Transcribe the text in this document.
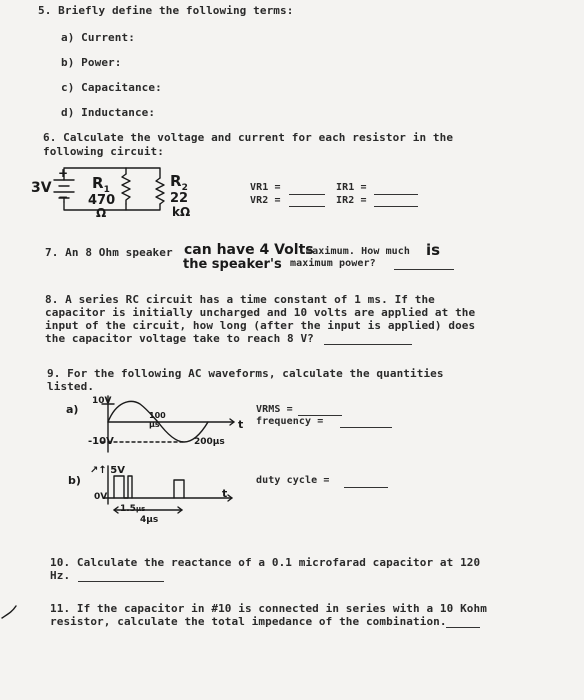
5. Briefly define the following terms:
a) Current:
b) Power:
c) Capacitance:
d) Inductance:
6. Calculate the voltage and current for each resistor in the
following circuit:
3V
+
−
$R_1$
470
Ω
$R_2$
22
kΩ
VR1 =
VR2 =
IR1 =
IR2 =
7. An 8 Ohm speaker can have 4 Volts
maximum. How much is
the speaker's maximum power?
8. A series RC circuit has a time constant of 1 ms. If the
capacitor is initially uncharged and 10 volts are applied at the
input of the circuit, how long (after the input is applied) does
the capacitor voltage take to reach 8 V?
9. For the following AC waveforms, calculate the quantities
listed.
a)
10V
-10V
100
μs
200μs
t
VRMS =
frequency =
b)
↗↑ 5V
0V
1.5μs
4μs
t
duty cycle =
10. Calculate the reactance of a 0.1 microfarad capacitor at 120
Hz.
11. If the capacitor in #10 is connected in series with a 10 Kohm
resistor, calculate the total impedance of the combination.
